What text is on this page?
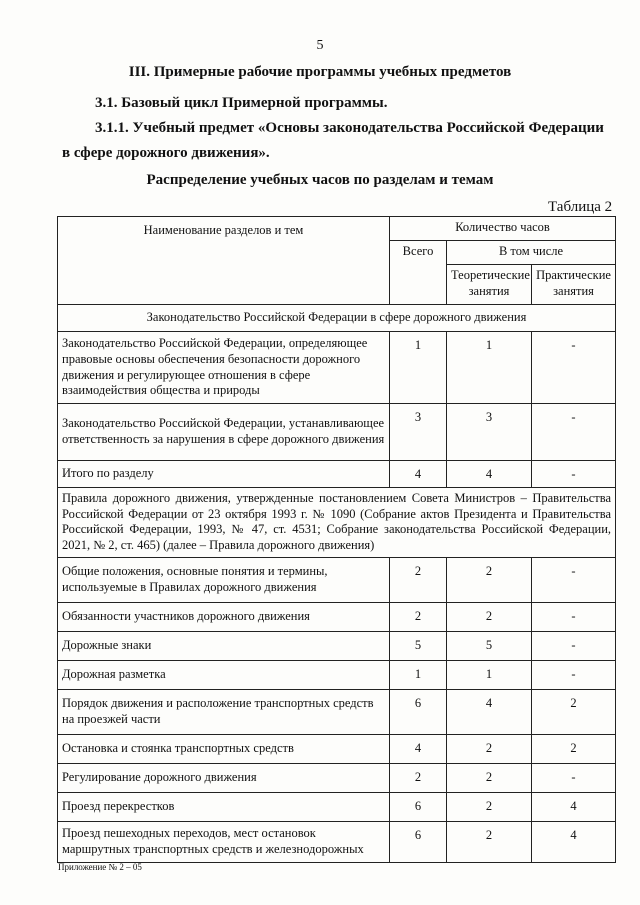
5
III. Примерные рабочие программы учебных предметов
3.1. Базовый цикл Примерной программы.
3.1.1. Учебный предмет «Основы законодательства Российской Федерации
в сфере дорожного движения».
Распределение учебных часов по разделам и темам
Таблица 2
Наименование разделов и тем	Количество часов		
	Всего	В том числе	
		Теоретические занятия	Практические занятия
Законодательство Российской Федерации в сфере дорожного движения			
Законодательство Российской Федерации, определяющее правовые основы обеспечения безопасности дорожного движения и регулирующее отношения в сфере взаимодействия общества и природы	1	1	-
Законодательство Российской Федерации, устанавливающее ответственность за нарушения в сфере дорожного движения	3	3	-
Итого по разделу	4	4	-
Правила дорожного движения, утвержденные постановлением Совета Министров – Правительства Российской Федерации от 23 октября 1993 г. № 1090 (Собрание актов Президента и Правительства Российской Федерации, 1993, № 47, ст. 4531; Собрание законодательства Российской Федерации, 2021, № 2, ст. 465) (далее – Правила дорожного движения)			
Общие положения, основные понятия и термины, используемые в Правилах дорожного движения	2	2	-
Обязанности участников дорожного движения	2	2	-
Дорожные знаки	5	5	-
Дорожная разметка	1	1	-
Порядок движения и расположение транспортных средств на проезжей части	6	4	2
Остановка и стоянка транспортных средств	4	2	2
Регулирование дорожного движения	2	2	-
Проезд перекрестков	6	2	4
Проезд пешеходных переходов, мест остановок маршрутных транспортных средств и железнодорожных	6	2	4
Приложение № 2 – 05
